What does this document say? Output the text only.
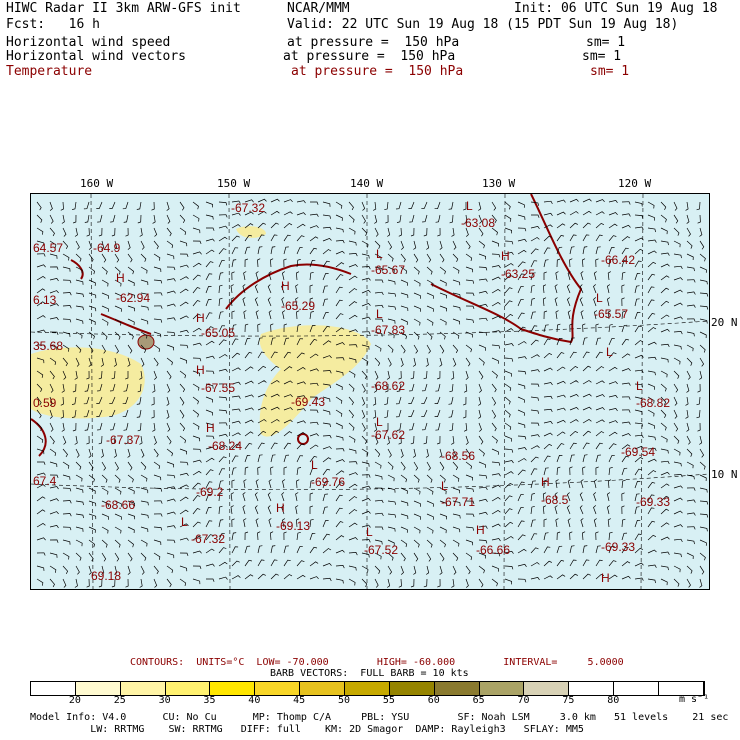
HIWC Radar II 3km ARW-GFS init	NCAR/MMM	Init: 06 UTC Sun 19 Aug 18
Fcst:   16 h	Valid: 22 UTC Sun 19 Aug 18 (15 PDT Sun 19 Aug 18)
Horizontal wind speed	at pressure =  150 hPa	sm= 1
Horizontal wind vectors	at pressure =  150 hPa	sm= 1
Temperature	at pressure =  150 hPa	sm= 1
160 W	150 W	140 W	130 W	120 W
20 N
10 N
-67.32
-63.08
64.57 -64.9
-66.42
-65.67	-63.25
6.13	-62.94
-65.29
-65.57
-65.05	-67.83
35.68
-67.55	-68.62
-68.82
-69.43
0.59
-67.37	-68.24
-67.62
-68.56	-69.54
-69.76
67.4
-69.2
-67.71	-68.5	-69.33
-68.66
-69.13
-67.32
-67.52	-66.66	-69.33
69.18
H
H
L
L	H
L
L
H
L
H
L
H	L
L
L	H
L
H
H
L
H
CONTOURS:  UNITS=°C  LOW= -70.000        HIGH= -60.000        INTERVAL=     5.0000
BARB VECTORS:  FULL BARB = 10 kts
20	25	30	35	40	45	50	55	60	65	70	75	80	m s⁻¹
Model Info: V4.0      CU: No Cu      MP: Thomp C/A     PBL: YSU        SF: Noah LSM     3.0 km   51 levels    21 sec
LW: RRTMG    SW: RRTMG   DIFF: full    KM: 2D Smagor  DAMP: Rayleigh3   SFLAY: MM5
